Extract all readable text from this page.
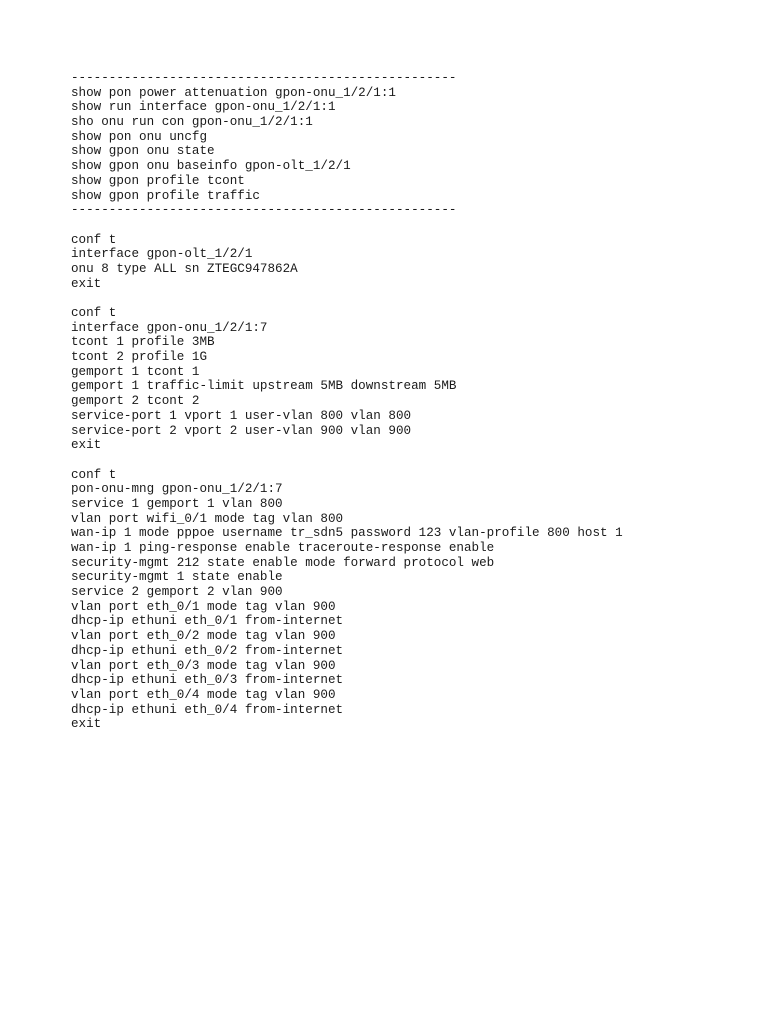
---------------------------------------------------
show pon power attenuation gpon-onu_1/2/1:1
show run interface gpon-onu_1/2/1:1
sho onu run con gpon-onu_1/2/1:1
show pon onu uncfg
show gpon onu state
show gpon onu baseinfo gpon-olt_1/2/1
show gpon profile tcont
show gpon profile traffic
---------------------------------------------------
conf t
interface gpon-olt_1/2/1
onu 8 type ALL sn ZTEGC947862A
exit
conf t
interface gpon-onu_1/2/1:7
tcont 1 profile 3MB
tcont 2 profile 1G
gemport 1 tcont 1
gemport 1 traffic-limit upstream 5MB downstream 5MB
gemport 2 tcont 2
service-port 1 vport 1 user-vlan 800 vlan 800
service-port 2 vport 2 user-vlan 900 vlan 900
exit
conf t
pon-onu-mng gpon-onu_1/2/1:7
service 1 gemport 1 vlan 800
vlan port wifi_0/1 mode tag vlan 800
wan-ip 1 mode pppoe username tr_sdn5 password 123 vlan-profile 800 host 1
wan-ip 1 ping-response enable traceroute-response enable
security-mgmt 212 state enable mode forward protocol web
security-mgmt 1 state enable
service 2 gemport 2 vlan 900
vlan port eth_0/1 mode tag vlan 900
dhcp-ip ethuni eth_0/1 from-internet
vlan port eth_0/2 mode tag vlan 900
dhcp-ip ethuni eth_0/2 from-internet
vlan port eth_0/3 mode tag vlan 900
dhcp-ip ethuni eth_0/3 from-internet
vlan port eth_0/4 mode tag vlan 900
dhcp-ip ethuni eth_0/4 from-internet
exit
